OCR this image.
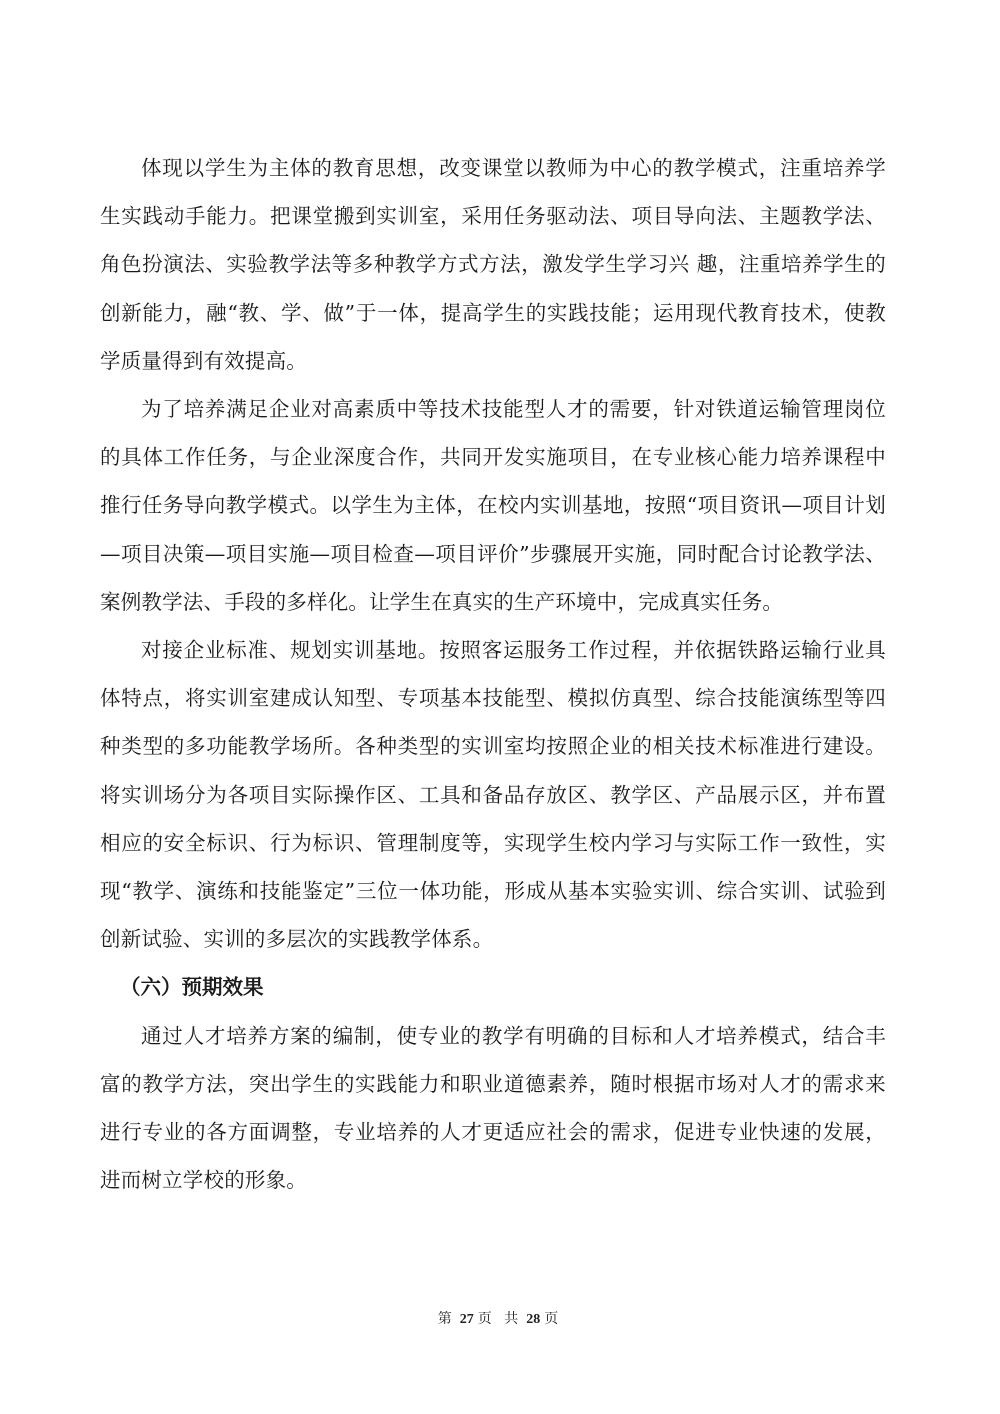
体现以学生为主体的教育思想，改变课堂以教师为中心的教学模式，注重培养学生实践动手能力。把课堂搬到实训室，采用任务驱动法、项目导向法、主题教学法、角色扮演法、实验教学法等多种教学方式方法，激发学生学习兴 趣，注重培养学生的创新能力，融“教、学、做”于一体，提高学生的实践技能；运用现代教育技术，使教学质量得到有效提高。

为了培养满足企业对高素质中等技术技能型人才的需要，针对铁道运输管理岗位的具体工作任务，与企业深度合作，共同开发实施项目，在专业核心能力培养课程中推行任务导向教学模式。以学生为主体，在校内实训基地，按照“项目资讯—项目计划—项目决策—项目实施—项目检查—项目评价”步骤展开实施，同时配合讨论教学法、案例教学法、手段的多样化。让学生在真实的生产环境中，完成真实任务。

对接企业标准、规划实训基地。按照客运服务工作过程，并依据铁路运输行业具体特点，将实训室建成认知型、专项基本技能型、模拟仿真型、综合技能演练型等四种类型的多功能教学场所。各种类型的实训室均按照企业的相关技术标准进行建设。将实训场分为各项目实际操作区、工具和备品存放区、教学区、产品展示区，并布置相应的安全标识、行为标识、管理制度等，实现学生校内学习与实际工作一致性，实现“教学、演练和技能鉴定”三位一体功能，形成从基本实验实训、综合实训、试验到创新试验、实训的多层次的实践教学体系。

（六）预期效果

通过人才培养方案的编制，使专业的教学有明确的目标和人才培养模式，结合丰富的教学方法，突出学生的实践能力和职业道德素养，随时根据市场对人才的需求来进行专业的各方面调整，专业培养的人才更适应社会的需求，促进专业快速的发展，进而树立学校的形象。

第 27 页 共 28 页
